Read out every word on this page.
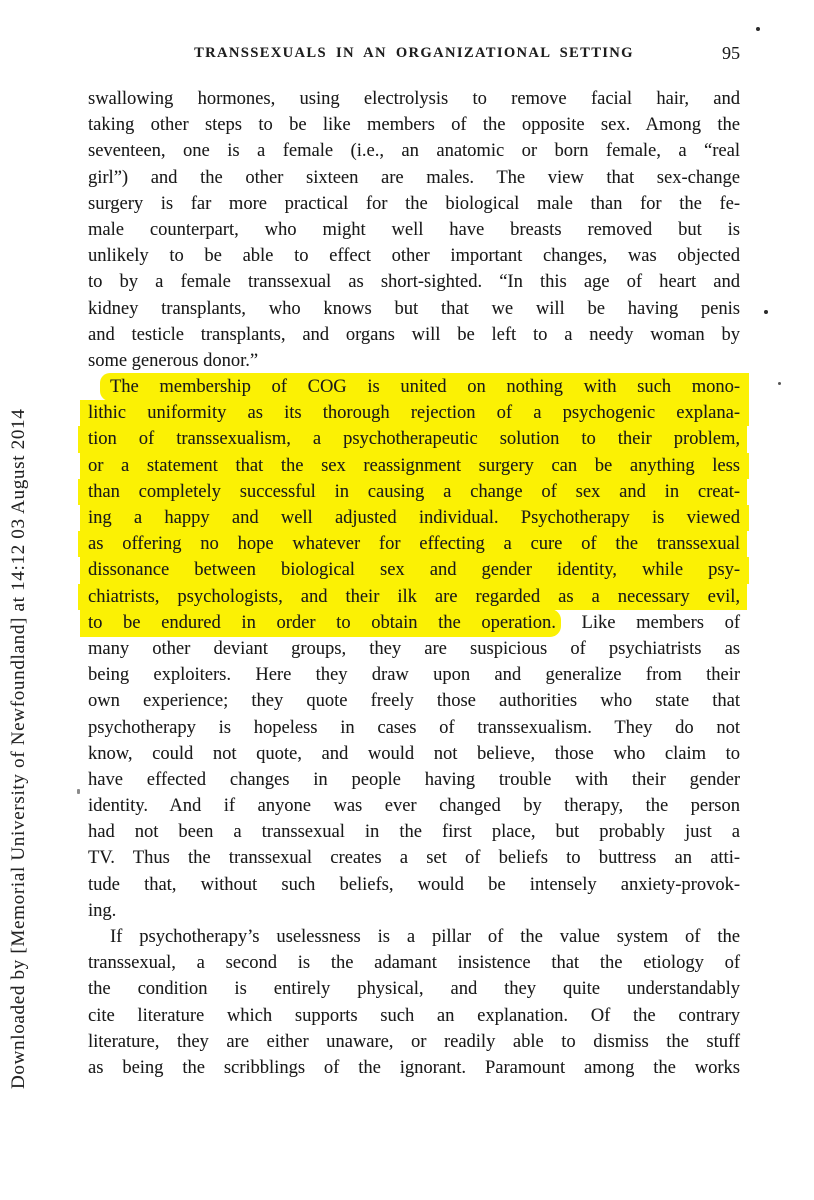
Downloaded by [Memorial University of Newfoundland] at 14:12 03 August 2014
TRANSSEXUALS IN AN ORGANIZATIONAL SETTING	95
swallowing hormones, using electrolysis to remove facial hair, and
taking other steps to be like members of the opposite sex. Among the
seventeen, one is a female (i.e., an anatomic or born female, a “real
girl”) and the other sixteen are males. The view that sex-change
surgery is far more practical for the biological male than for the fe-
male counterpart, who might well have breasts removed but is
unlikely to be able to effect other important changes, was objected
to by a female transsexual as short-sighted. “In this age of heart and
kidney transplants, who knows but that we will be having penis
and testicle transplants, and organs will be left to a needy woman by
some generous donor.”
The membership of COG is united on nothing with such mono-
lithic uniformity as its thorough rejection of a psychogenic explana-
tion of transsexualism, a psychotherapeutic solution to their problem,
or a statement that the sex reassignment surgery can be anything less
than completely successful in causing a change of sex and in creat-
ing a happy and well adjusted individual. Psychotherapy is viewed
as offering no hope whatever for effecting a cure of the transsexual
dissonance between biological sex and gender identity, while psy-
chiatrists, psychologists, and their ilk are regarded as a necessary evil,
to be endured in order to obtain the operation. Like members of
many other deviant groups, they are suspicious of psychiatrists as
being exploiters. Here they draw upon and generalize from their
own experience; they quote freely those authorities who state that
psychotherapy is hopeless in cases of transsexualism. They do not
know, could not quote, and would not believe, those who claim to
have effected changes in people having trouble with their gender
identity. And if anyone was ever changed by therapy, the person
had not been a transsexual in the first place, but probably just a
TV. Thus the transsexual creates a set of beliefs to buttress an atti-
tude that, without such beliefs, would be intensely anxiety-provok-
ing.
If psychotherapy’s uselessness is a pillar of the value system of the
transsexual, a second is the adamant insistence that the etiology of
the condition is entirely physical, and they quite understandably
cite literature which supports such an explanation. Of the contrary
literature, they are either unaware, or readily able to dismiss the stuff
as being the scribblings of the ignorant. Paramount among the works
